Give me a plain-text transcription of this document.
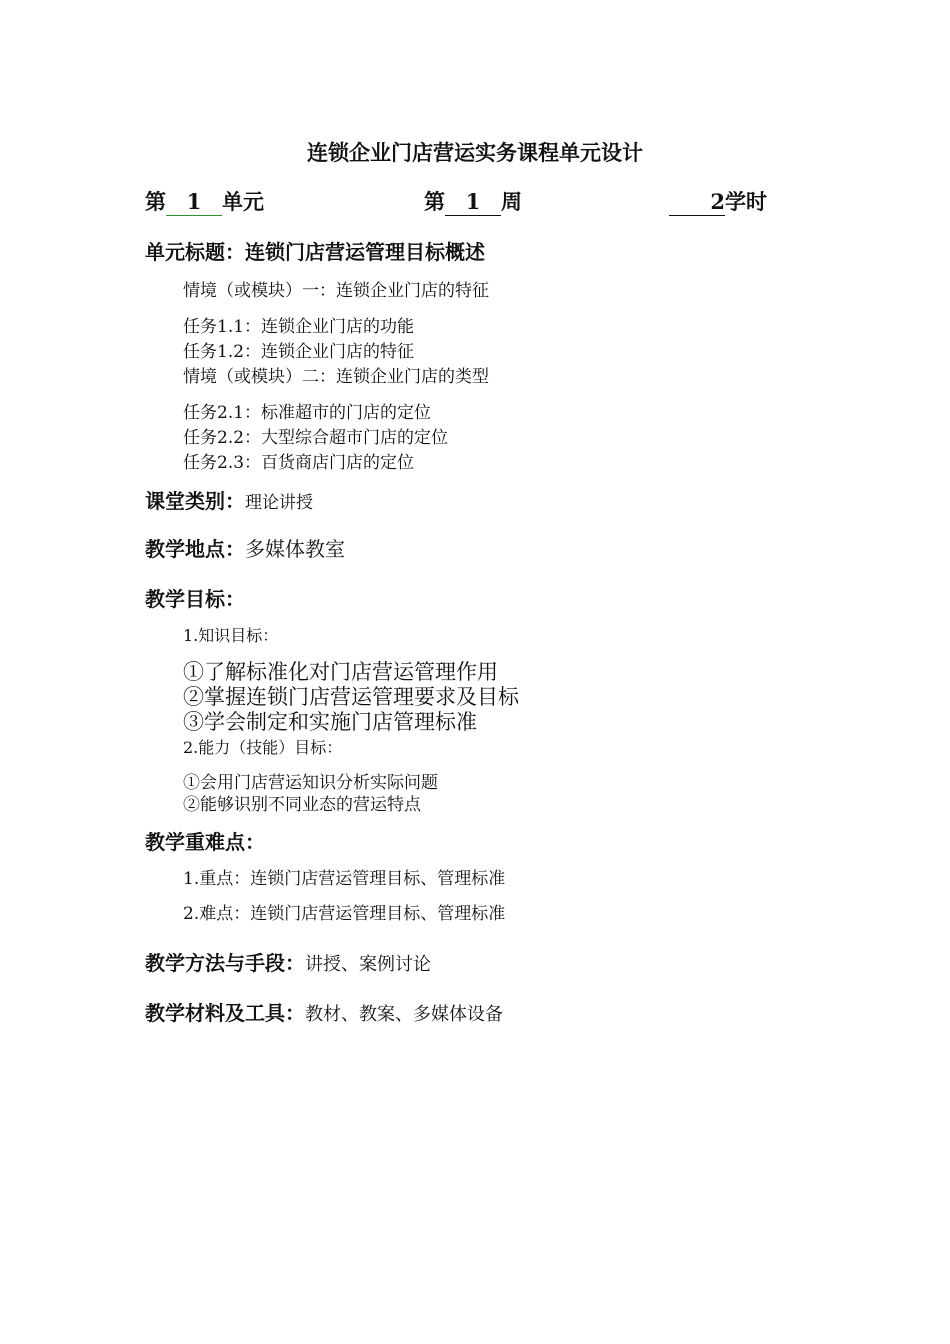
连锁企业门店营运实务课程单元设计
第 1 单元	第 1 周	2学时
单元标题：连锁门店营运管理目标概述
情境（或模块）一：连锁企业门店的特征
任务1.1：连锁企业门店的功能
任务1.2：连锁企业门店的特征
情境（或模块）二：连锁企业门店的类型
任务2.1：标准超市的门店的定位
任务2.2：大型综合超市门店的定位
任务2.3：百货商店门店的定位
课堂类别：理论讲授
教学地点：多媒体教室
教学目标：
1.知识目标：
①了解标准化对门店营运管理作用
②掌握连锁门店营运管理要求及目标
③学会制定和实施门店管理标准
2.能力（技能）目标：
①会用门店营运知识分析实际问题
②能够识别不同业态的营运特点
教学重难点：
1.重点：连锁门店营运管理目标、管理标准
2.难点：连锁门店营运管理目标、管理标准
教学方法与手段：讲授、案例讨论
教学材料及工具：教材、教案、多媒体设备
